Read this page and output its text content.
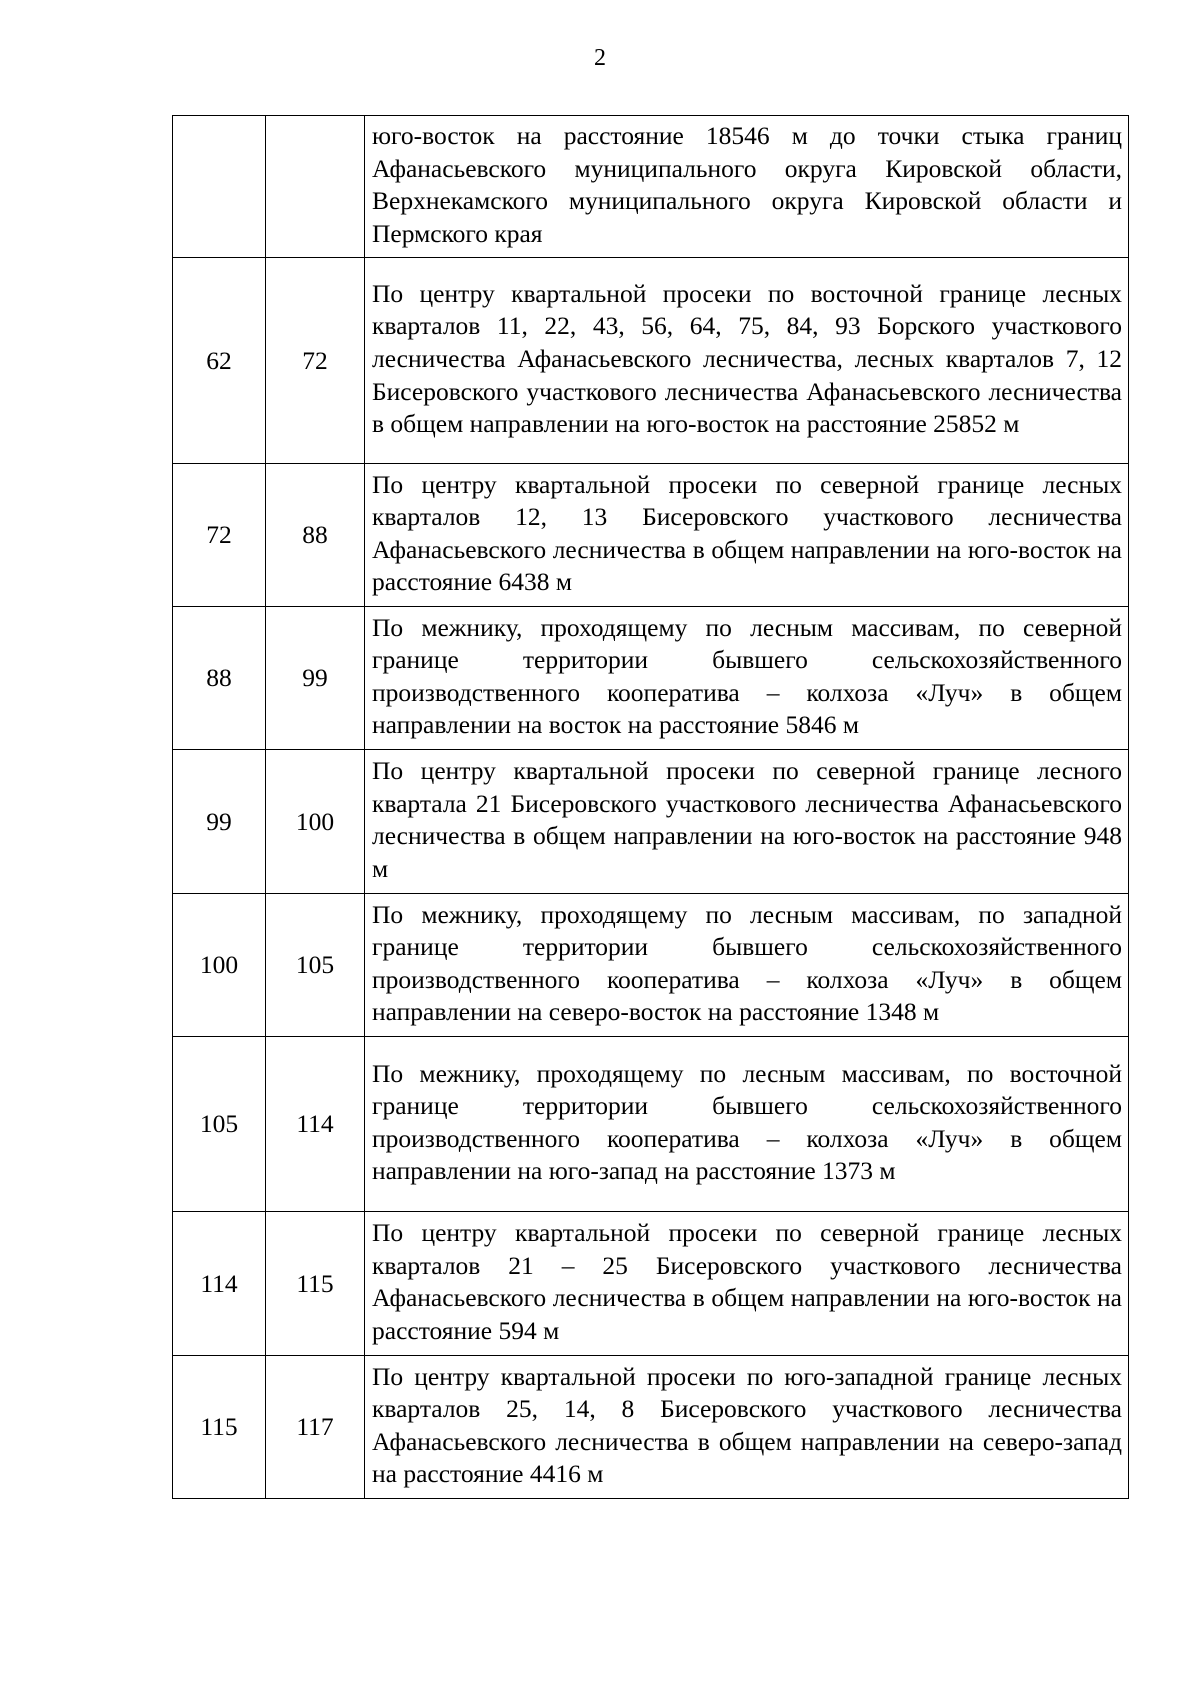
2
		юго-восток на расстояние 18546 м до точки стыка границ Афанасьевского муниципального округа Кировской области, Верхнекамского муниципального округа Кировской области и Пермского края
62	72	По центру квартальной просеки по восточной границе лесных кварталов 11, 22, 43, 56, 64, 75, 84, 93 Борского участкового лесничества Афанасьевского лесничества, лесных кварталов 7, 12 Бисеровского участкового лесничества Афанасьевского лесничества в общем направлении на юго-восток на расстояние 25852 м
72	88	По центру квартальной просеки по северной границе лесных кварталов 12, 13 Бисеровского участкового лесничества Афанасьевского лесничества в общем направлении на юго-восток на расстояние 6438 м
88	99	По межнику, проходящему по лесным массивам, по северной границе территории бывшего сельскохозяйственного производственного кооператива – колхоза «Луч» в общем направлении на восток на расстояние 5846 м
99	100	По центру квартальной просеки по северной границе лесного квартала 21 Бисеровского участкового лесничества Афанасьевского лесничества в общем направлении на юго-восток на расстояние 948 м
100	105	По межнику, проходящему по лесным массивам, по западной границе территории бывшего сельскохозяйственного производственного кооператива – колхоза «Луч» в общем направлении на северо-восток на расстояние 1348 м
105	114	По межнику, проходящему по лесным массивам, по восточной границе территории бывшего сельскохозяйственного производственного кооператива – колхоза «Луч» в общем направлении на юго-запад на расстояние 1373 м
114	115	По центру квартальной просеки по северной границе лесных кварталов 21 – 25 Бисеровского участкового лесничества Афанасьевского лесничества в общем направлении на юго-восток на расстояние 594 м
115	117	По центру квартальной просеки по юго-западной границе лесных кварталов 25, 14, 8 Бисеровского участкового лесничества Афанасьевского лесничества в общем направлении на северо-запад на расстояние 4416 м
